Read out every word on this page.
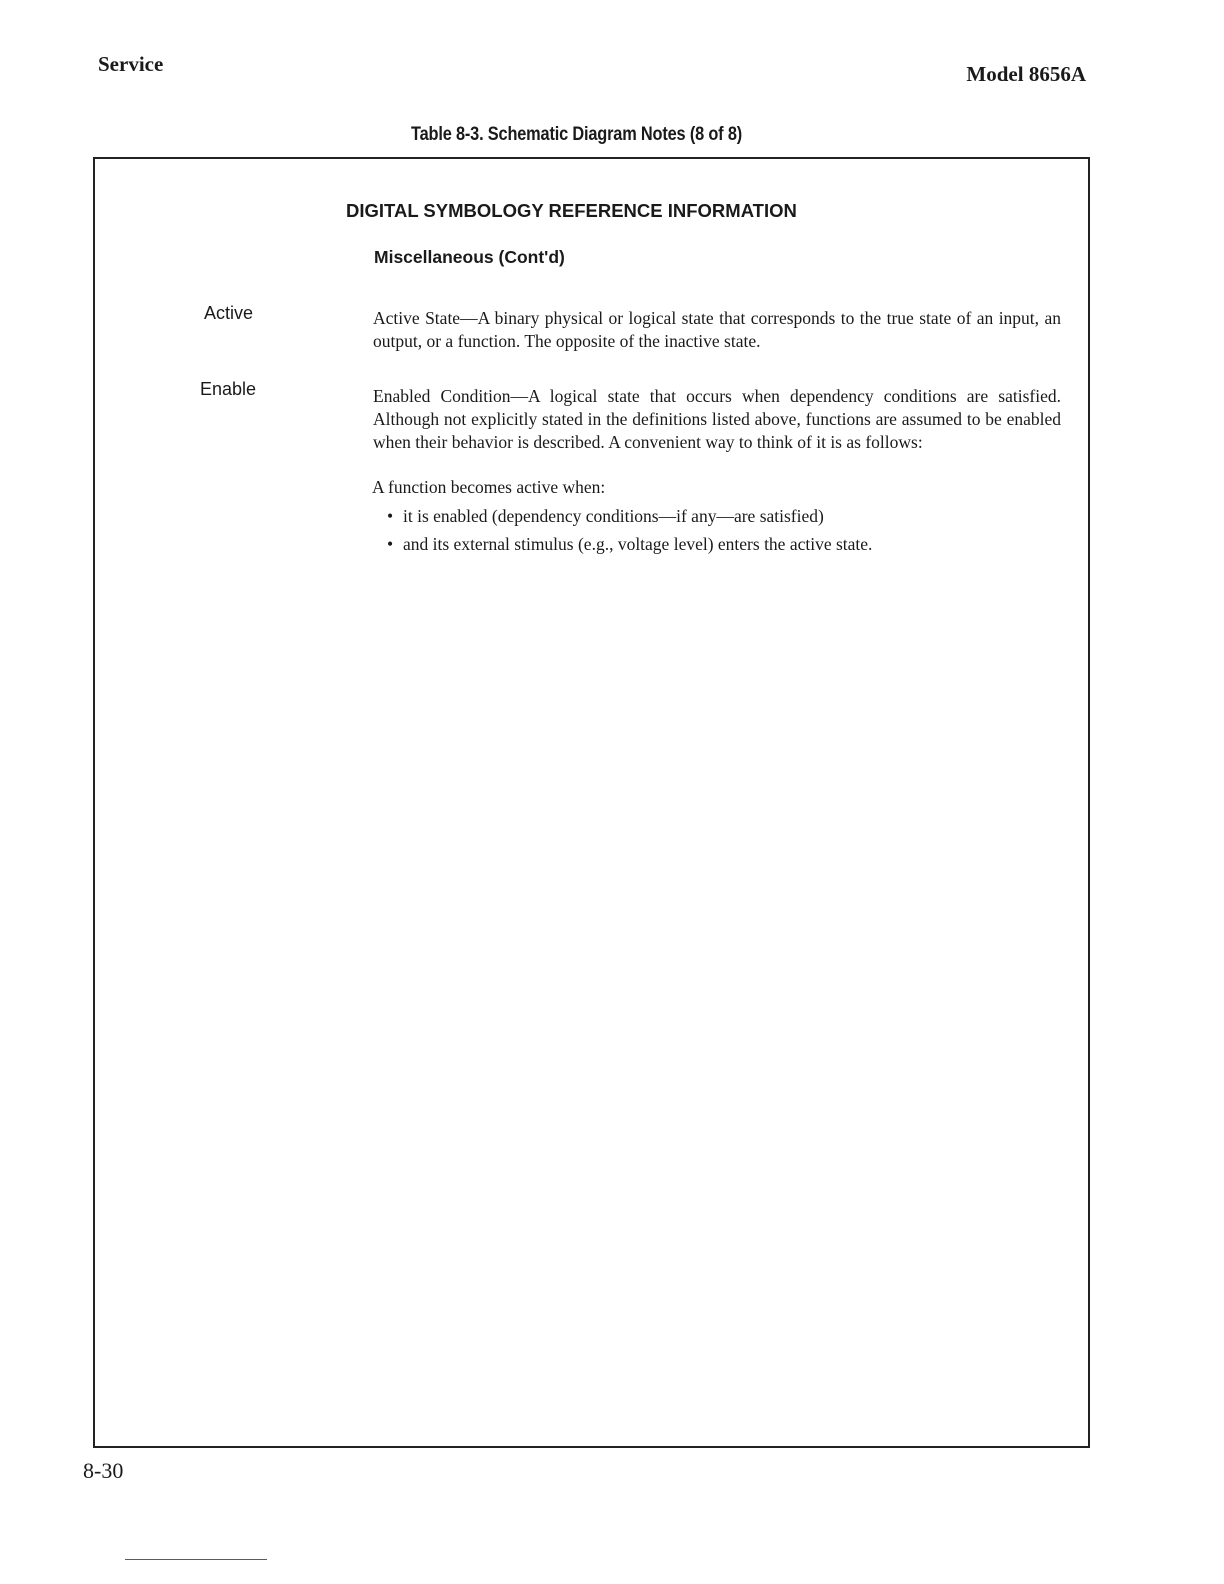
Service	Model 8656A
Table 8-3. Schematic Diagram Notes (8 of 8)
DIGITAL SYMBOLOGY REFERENCE INFORMATION
Miscellaneous (Cont'd)
Active	Active State—A binary physical or logical state that corresponds to the true state of an input, an output, or a function. The opposite of the inactive state.
Enable	Enabled Condition—A logical state that occurs when dependency conditions are satisfied. Although not explicitly stated in the definitions listed above, functions are assumed to be enabled when their behavior is described. A convenient way to think of it is as follows:
A function becomes active when:
• it is enabled (dependency conditions—if any—are satisfied)
• and its external stimulus (e.g., voltage level) enters the active state.
8-30
